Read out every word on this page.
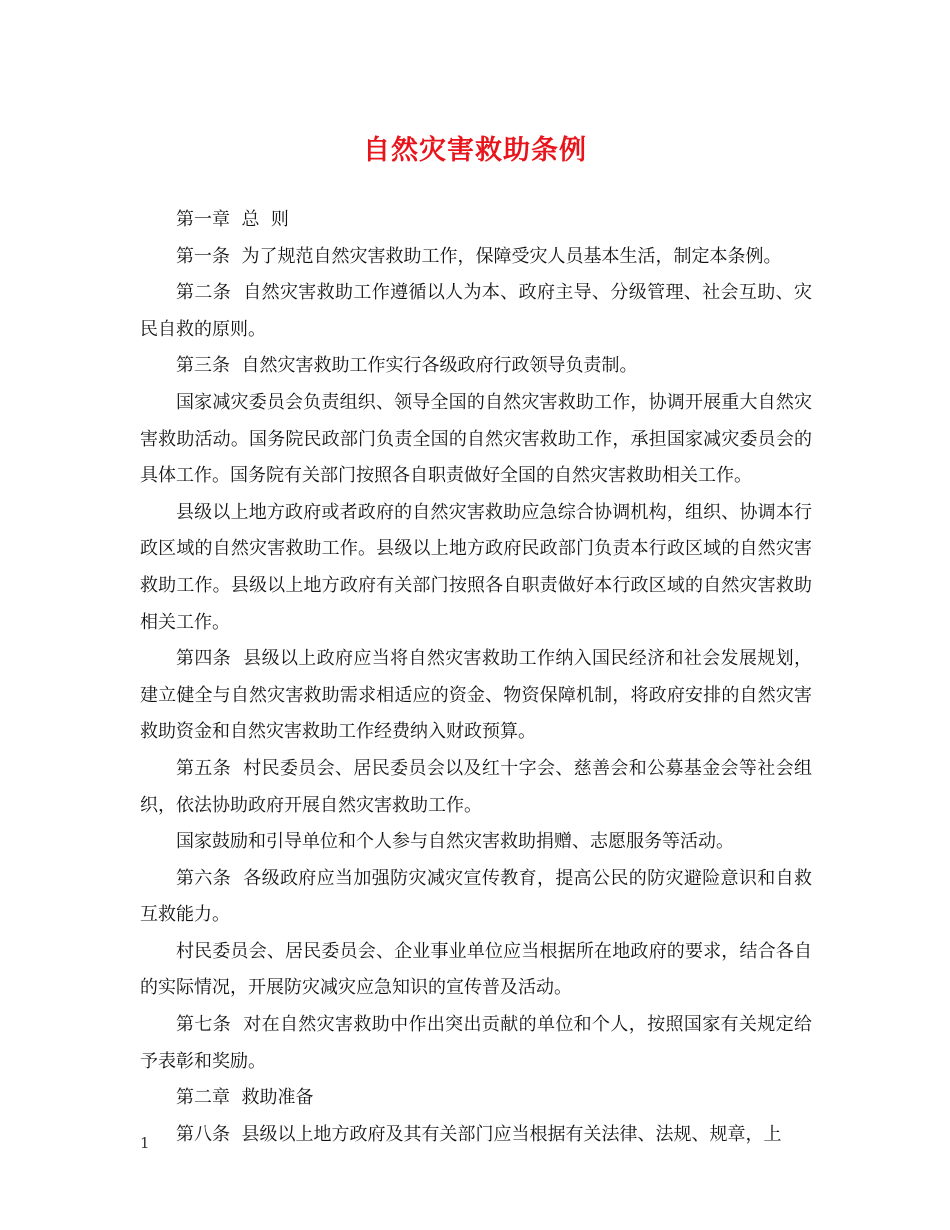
自然灾害救助条例

第一章  总  则

第一条  为了规范自然灾害救助工作，保障受灾人员基本生活，制定本条例。

第二条  自然灾害救助工作遵循以人为本、政府主导、分级管理、社会互助、灾民自救的原则。

第三条  自然灾害救助工作实行各级政府行政领导负责制。

国家减灾委员会负责组织、领导全国的自然灾害救助工作，协调开展重大自然灾害救助活动。国务院民政部门负责全国的自然灾害救助工作，承担国家减灾委员会的具体工作。国务院有关部门按照各自职责做好全国的自然灾害救助相关工作。

县级以上地方政府或者政府的自然灾害救助应急综合协调机构，组织、协调本行政区域的自然灾害救助工作。县级以上地方政府民政部门负责本行政区域的自然灾害救助工作。县级以上地方政府有关部门按照各自职责做好本行政区域的自然灾害救助相关工作。

第四条  县级以上政府应当将自然灾害救助工作纳入国民经济和社会发展规划，建立健全与自然灾害救助需求相适应的资金、物资保障机制，将政府安排的自然灾害救助资金和自然灾害救助工作经费纳入财政预算。

第五条  村民委员会、居民委员会以及红十字会、慈善会和公募基金会等社会组织，依法协助政府开展自然灾害救助工作。

国家鼓励和引导单位和个人参与自然灾害救助捐赠、志愿服务等活动。

第六条  各级政府应当加强防灾减灾宣传教育，提高公民的防灾避险意识和自救互救能力。

村民委员会、居民委员会、企业事业单位应当根据所在地政府的要求，结合各自的实际情况，开展防灾减灾应急知识的宣传普及活动。

第七条  对在自然灾害救助中作出突出贡献的单位和个人，按照国家有关规定给予表彰和奖励。

第二章  救助准备

第八条  县级以上地方政府及其有关部门应当根据有关法律、法规、规章，上

1
